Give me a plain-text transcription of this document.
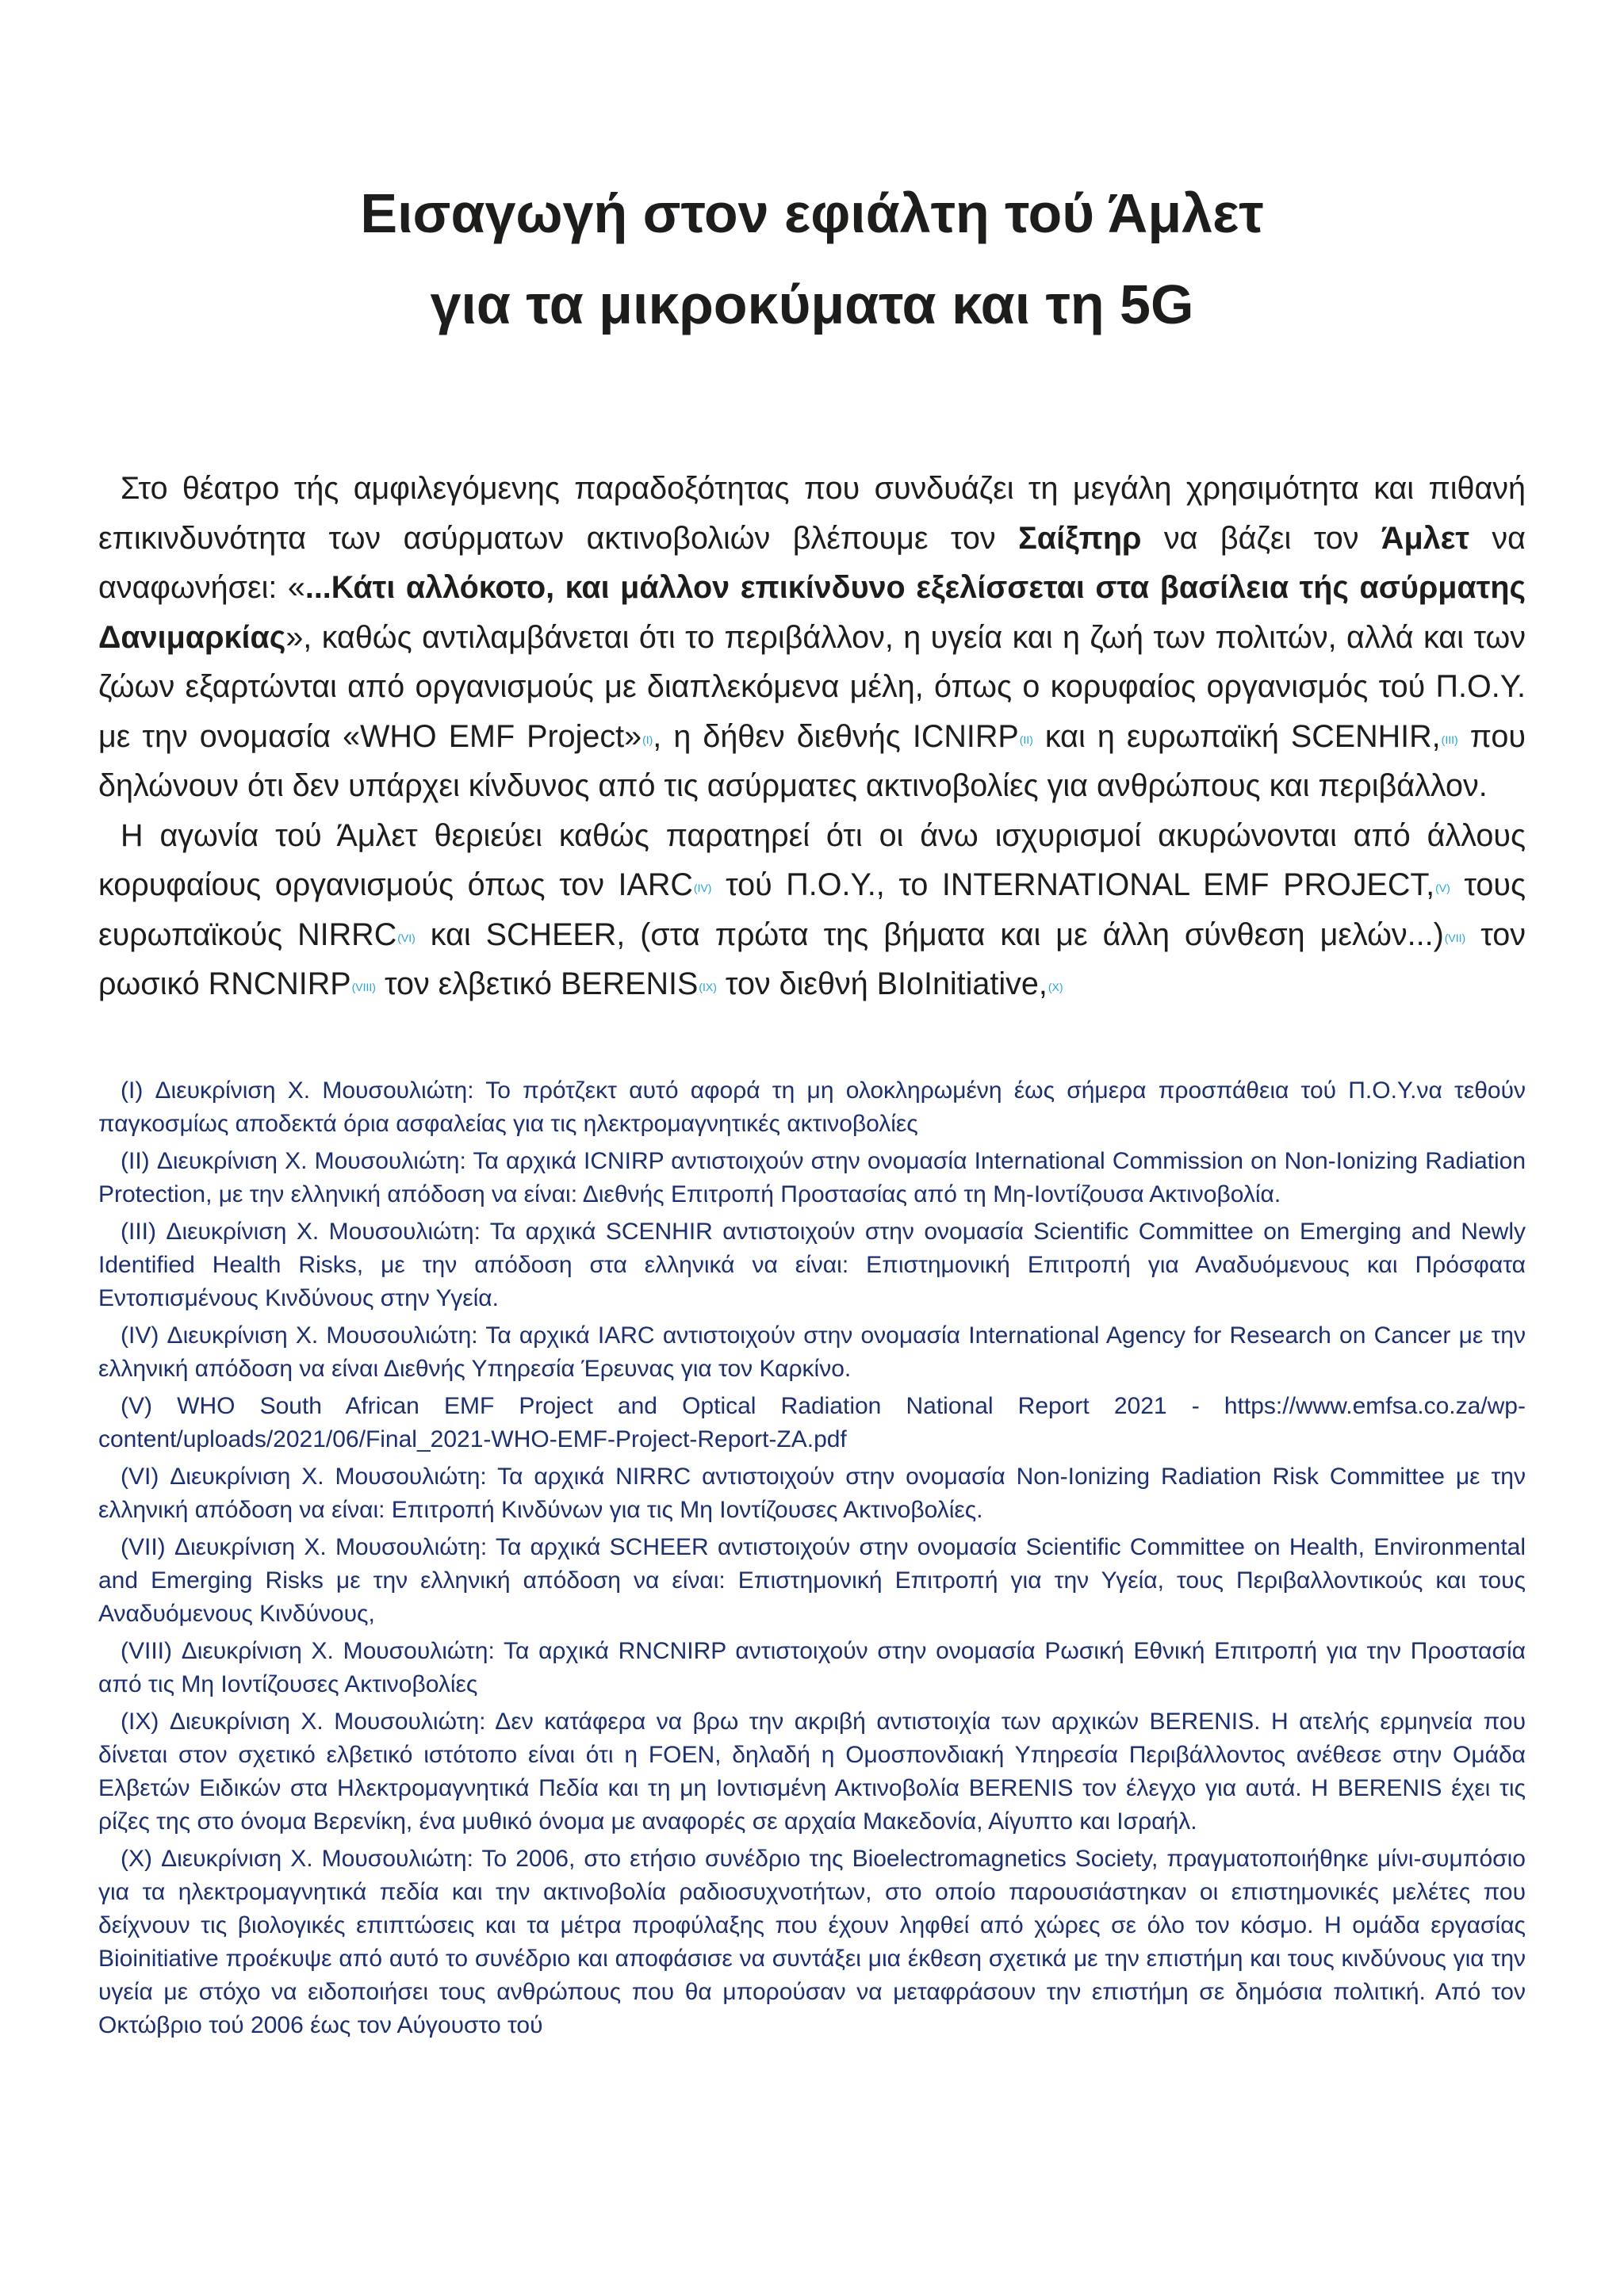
Εισαγωγή στον εφιάλτη τού Άμλετ
για τα μικροκύματα και τη 5G

Στο θέατρο τής αμφιλεγόμενης παραδοξότητας που συνδυάζει τη μεγάλη χρησιμότητα και πιθανή επικινδυνότητα των ασύρματων ακτινοβολιών βλέπουμε τον Σαίξπηρ να βάζει τον Άμλετ να αναφωνήσει: «...Κάτι αλλόκοτο, και μάλλον επικίνδυνο εξελίσσεται στα βασίλεια τής ασύρματης Δανιμαρκίας», καθώς αντιλαμβάνεται ότι το περιβάλλον, η υγεία και η ζωή των πολιτών, αλλά και των ζώων εξαρτώνται από οργανισμούς με διαπλεκόμενα μέλη, όπως ο κορυφαίος οργανισμός τού Π.Ο.Υ. με την ονομασία «WHO EMF Project»$^{(I)}$, η δήθεν διεθνής $ICNIRP^{(II)}$ και η ευρωπαϊκή SCENHIR,$^{(III)}$ που δηλώνουν ότι δεν υπάρχει κίνδυνος από τις ασύρματες ακτινοβολίες για ανθρώπους και περιβάλλον.

Η αγωνία τού Άμλετ θεριεύει καθώς παρατηρεί ότι οι άνω ισχυρισμοί ακυρώνονται από άλλους κορυφαίους οργανισμούς όπως τον $IARC^{(IV)}$ τού Π.Ο.Υ., το INTERNATIONAL EMF PROJECT,$^{(V)}$ τους ευρωπαϊκούς $NIRRC^{(VI)}$ και SCHEER, (στα πρώτα της βήματα και με άλλη σύνθεση μελών...)$^{(VII)}$ τον ρωσικό $RNCNIRP^{(VIII)}$ τον ελβετικό $BERENIS^{(IX)}$ τον διεθνή BIoInitiative,$^{(X)}$

(I) Διευκρίνιση Χ. Μουσουλιώτη: Το πρότζεκτ αυτό αφορά τη μη ολοκληρωμένη έως σήμερα προσπάθεια τού Π.Ο.Υ.να τεθούν παγκοσμίως αποδεκτά όρια ασφαλείας για τις ηλεκτρομαγνητικές ακτινοβολίες

(II) Διευκρίνιση Χ. Μουσουλιώτη: Τα αρχικά ICNIRP αντιστοιχούν στην ονομασία International Commission on Non-Ionizing Radiation Protection, με την ελληνική απόδοση να είναι: Διεθνής Επιτροπή Προστασίας από τη Μη-Ιοντίζουσα Ακτινοβολία.

(III) Διευκρίνιση Χ. Μουσουλιώτη: Τα αρχικά SCENHIR αντιστοιχούν στην ονομασία Scientific Committee on Emerging and Newly Identified Health Risks, με την απόδοση στα ελληνικά να είναι: Επιστημονική Επιτροπή για Αναδυόμενους και Πρόσφατα Εντοπισμένους Κινδύνους στην Υγεία.

(IV) Διευκρίνιση Χ. Μουσουλιώτη: Τα αρχικά IARC αντιστοιχούν στην ονομασία International Agency for Research on Cancer με την ελληνική απόδοση να είναι Διεθνής Υπηρεσία Έρευνας για τον Καρκίνο.

(V) WHO South African EMF Project and Optical Radiation National Report 2021 - https://www.emfsa.co.za/wp-content/uploads/2021/06/Final_2021-WHO-EMF-Project-Report-ZA.pdf

(VI) Διευκρίνιση Χ. Μουσουλιώτη: Τα αρχικά NIRRC αντιστοιχούν στην ονομασία Non-Ionizing Radiation Risk Committee με την ελληνική απόδοση να είναι: Επιτροπή Κινδύνων για τις Μη Ιοντίζουσες Ακτινοβολίες.

(VII) Διευκρίνιση Χ. Μουσουλιώτη: Τα αρχικά SCHEER αντιστοιχούν στην ονομασία Scientific Committee on Health, Environmental and Emerging Risks με την ελληνική απόδοση να είναι: Επιστημονική Επιτροπή για την Υγεία, τους Περιβαλλοντικούς και τους Αναδυόμενους Κινδύνους,

(VIII) Διευκρίνιση Χ. Μουσουλιώτη: Τα αρχικά RNCNIRP αντιστοιχούν στην ονομασία Ρωσική Εθνική Επιτροπή για την Προστασία από τις Μη Ιοντίζουσες Ακτινοβολίες

(IX) Διευκρίνιση Χ. Μουσουλιώτη: Δεν κατάφερα να βρω την ακριβή αντιστοιχία των αρχικών BERENIS. Η ατελής ερμηνεία που δίνεται στον σχετικό ελβετικό ιστότοπο είναι ότι η FOEN, δηλαδή η Ομοσπονδιακή Υπηρεσία Περιβάλλοντος ανέθεσε στην Ομάδα Ελβετών Ειδικών στα Ηλεκτρομαγνητικά Πεδία και τη μη Ιοντισμένη Ακτινοβολία BERENIS τον έλεγχο για αυτά. Η BERENIS έχει τις ρίζες της στο όνομα Βερενίκη, ένα μυθικό όνομα με αναφορές σε αρχαία Μακεδονία, Αίγυπτο και Ισραήλ.

(X) Διευκρίνιση Χ. Μουσουλιώτη: Το 2006, στο ετήσιο συνέδριο της Bioelectromagnetics Society, πραγματοποιήθηκε μίνι-συμπόσιο για τα ηλεκτρομαγνητικά πεδία και την ακτινοβολία ραδιοσυχνοτήτων, στο οποίο παρουσιάστηκαν οι επιστημονικές μελέτες που δείχνουν τις βιολογικές επιπτώσεις και τα μέτρα προφύλαξης που έχουν ληφθεί από χώρες σε όλο τον κόσμο. Η ομάδα εργασίας Bioinitiative προέκυψε από αυτό το συνέδριο και αποφάσισε να συντάξει μια έκθεση σχετικά με την επιστήμη και τους κινδύνους για την υγεία με στόχο να ειδοποιήσει τους ανθρώπους που θα μπορούσαν να μεταφράσουν την επιστήμη σε δημόσια πολιτική. Από τον Οκτώβριο τού 2006 έως τον Αύγουστο τού
